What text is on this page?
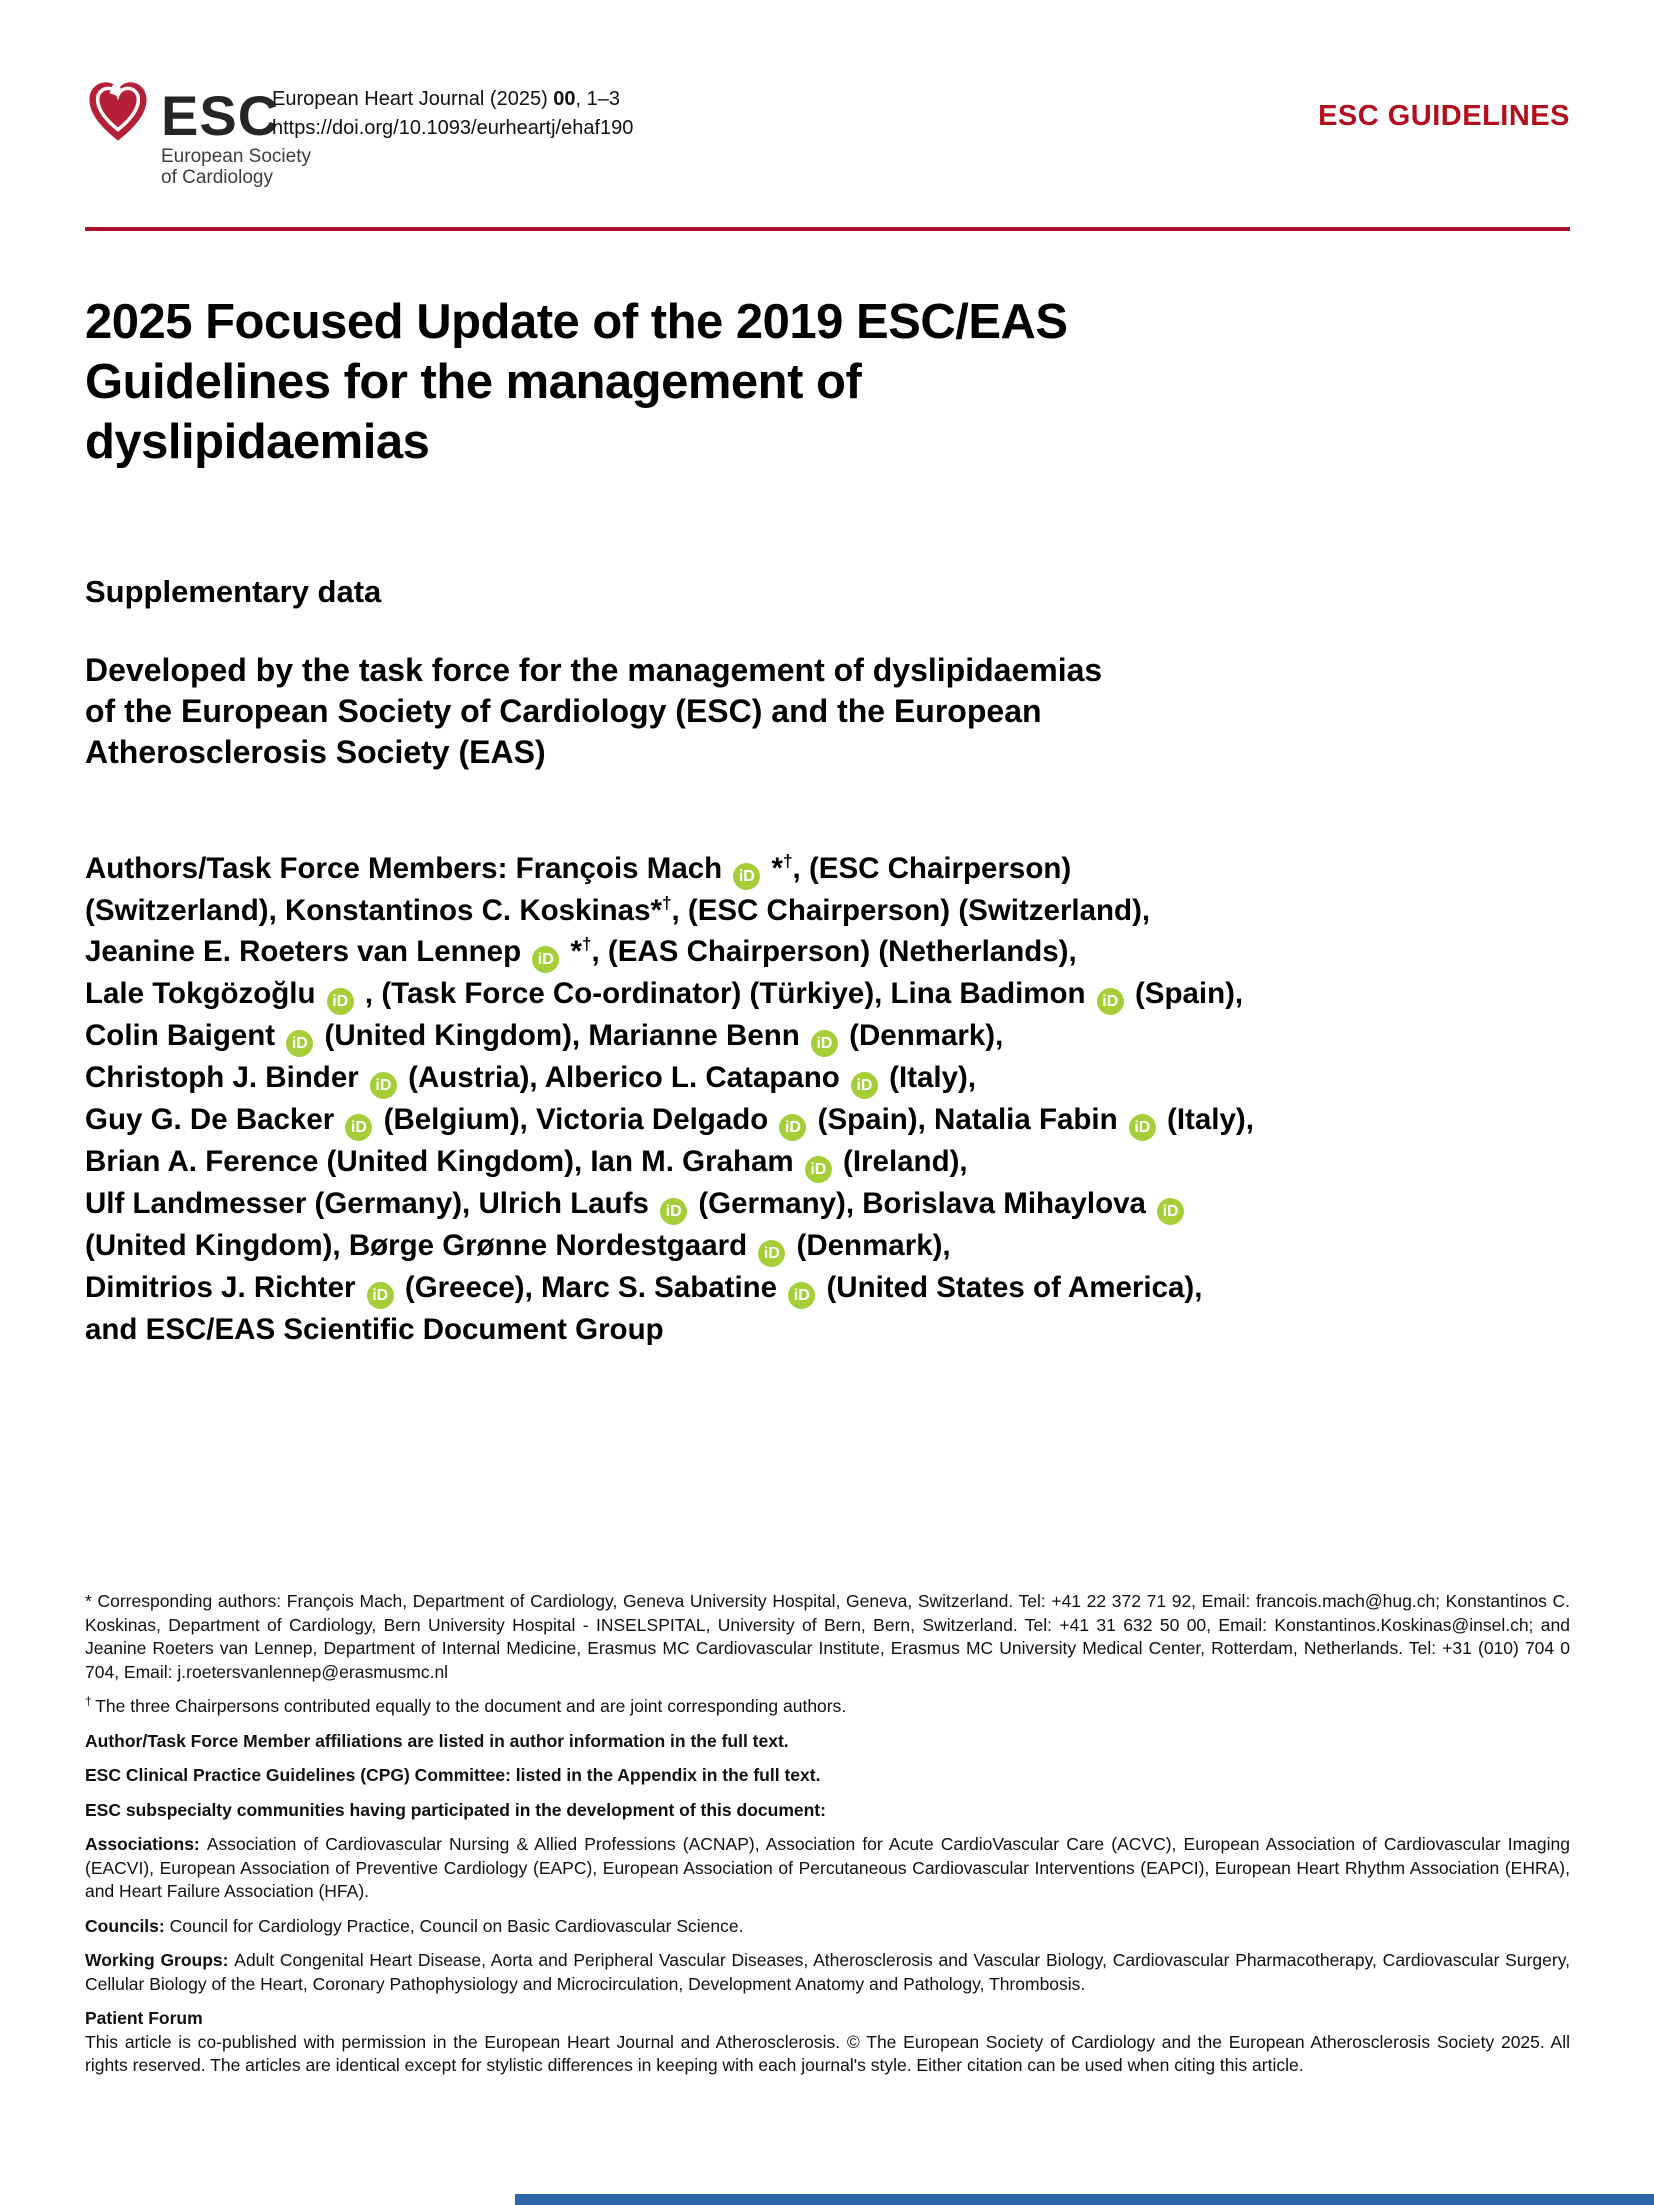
ESC
European Society
of Cardiology
European Heart Journal (2025) 00, 1–3
https://doi.org/10.1093/eurheartj/ehaf190	ESC GUIDELINES
2025 Focused Update of the 2019 ESC/EAS
Guidelines for the management of
dyslipidaemias
Supplementary data
Developed by the task force for the management of dyslipidaemias
of the European Society of Cardiology (ESC) and the European
Atherosclerosis Society (EAS)
Authors/Task Force Members: François Mach iD *†, (ESC Chairperson)
(Switzerland), Konstantinos C. Koskinas*†, (ESC Chairperson) (Switzerland),
Jeanine E. Roeters van Lennep iD *†, (EAS Chairperson) (Netherlands),
Lale Tokgözoğlu iD , (Task Force Co-ordinator) (Türkiye), Lina Badimon iD (Spain),
Colin Baigent iD (United Kingdom), Marianne Benn iD (Denmark),
Christoph J. Binder iD (Austria), Alberico L. Catapano iD (Italy),
Guy G. De Backer iD (Belgium), Victoria Delgado iD (Spain), Natalia Fabin iD (Italy),
Brian A. Ference (United Kingdom), Ian M. Graham iD (Ireland),
Ulf Landmesser (Germany), Ulrich Laufs iD (Germany), Borislava Mihaylova iD
(United Kingdom), Børge Grønne Nordestgaard iD (Denmark),
Dimitrios J. Richter iD (Greece), Marc S. Sabatine iD (United States of America),
and ESC/EAS Scientific Document Group
* Corresponding authors: François Mach, Department of Cardiology, Geneva University Hospital, Geneva, Switzerland. Tel: +41 22 372 71 92, Email: francois.mach@hug.ch; Konstantinos C. Koskinas, Department of Cardiology, Bern University Hospital - INSELSPITAL, University of Bern, Bern, Switzerland. Tel: +41 31 632 50 00, Email: Konstantinos.Koskinas@insel.ch; and Jeanine Roeters van Lennep, Department of Internal Medicine, Erasmus MC Cardiovascular Institute, Erasmus MC University Medical Center, Rotterdam, Netherlands. Tel: +31 (010) 704 0 704, Email: j.roetersvanlennep@erasmusmc.nl
† The three Chairpersons contributed equally to the document and are joint corresponding authors.
Author/Task Force Member affiliations are listed in author information in the full text.
ESC Clinical Practice Guidelines (CPG) Committee: listed in the Appendix in the full text.
ESC subspecialty communities having participated in the development of this document:
Associations: Association of Cardiovascular Nursing & Allied Professions (ACNAP), Association for Acute CardioVascular Care (ACVC), European Association of Cardiovascular Imaging (EACVI), European Association of Preventive Cardiology (EAPC), European Association of Percutaneous Cardiovascular Interventions (EAPCI), European Heart Rhythm Association (EHRA), and Heart Failure Association (HFA).
Councils: Council for Cardiology Practice, Council on Basic Cardiovascular Science.
Working Groups: Adult Congenital Heart Disease, Aorta and Peripheral Vascular Diseases, Atherosclerosis and Vascular Biology, Cardiovascular Pharmacotherapy, Cardiovascular Surgery, Cellular Biology of the Heart, Coronary Pathophysiology and Microcirculation, Development Anatomy and Pathology, Thrombosis.
Patient Forum
This article is co-published with permission in the European Heart Journal and Atherosclerosis. © The European Society of Cardiology and the European Atherosclerosis Society 2025. All rights reserved. The articles are identical except for stylistic differences in keeping with each journal's style. Either citation can be used when citing this article.
